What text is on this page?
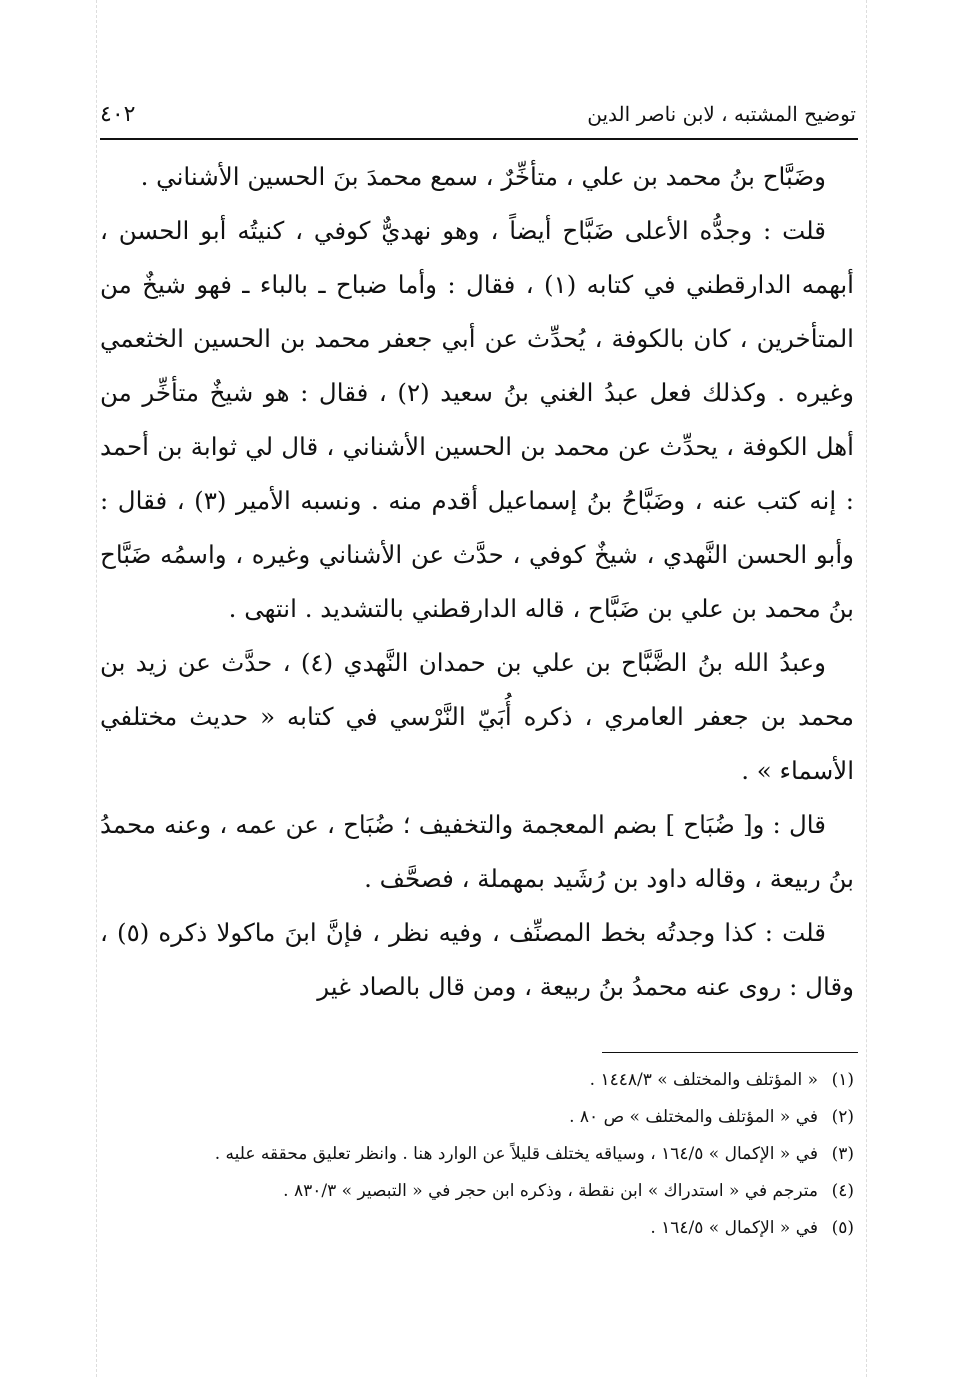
توضيح المشتبه ، لابن ناصر الدين
٤٠٢

وضَبَّاح بنُ محمد بن علي ، متأخِّرٌ ، سمع محمدَ بنَ الحسين الأشناني .

قلت : وجدُّه الأعلى ضَبَّاح أيضاً ، وهو نهديٌّ كوفي ، كنيتُه أبو الحسن ، أبهمه الدارقطني في كتابه (١) ، فقال : وأما ضباح ـ بالباء ـ فهو شيخٌ من المتأخرين ، كان بالكوفة ، يُحدِّث عن أبي جعفر محمد بن الحسين الخثعمي وغيره . وكذلك فعل عبدُ الغني بنُ سعيد (٢) ، فقال : هو شيخٌ متأخِّر من أهل الكوفة ، يحدِّث عن محمد بن الحسين الأشناني ، قال لي ثوابة بن أحمد : إنه كتب عنه ، وضَبَّاحُ بنُ إسماعيل أقدم منه . ونسبه الأمير (٣) ، فقال : وأبو الحسن النَّهدي ، شيخٌ كوفي ، حدَّث عن الأشناني وغيره ، واسمُه ضَبَّاح بنُ محمد بن علي بن ضَبَّاح ، قاله الدارقطني بالتشديد . انتهى .

وعبدُ الله بنُ الضَّبَّاح بن علي بن حمدان النَّهدي (٤) ، حدَّث عن زيد بن محمد بن جعفر العامري ، ذكره أُبَيّ النَّرْسي في كتابه « حديث مختلفي الأسماء » .

قال : و[ ضُبَاح ] بضم المعجمة والتخفيف ؛ ضُبَاح ، عن عمه ، وعنه محمدُ بنُ ربيعة ، وقاله داود بن رُشَيد بمهملة ، فصحَّف .

قلت : كذا وجدتُه بخط المصنِّف ، وفيه نظر ، فإنَّ ابنَ ماكولا ذكره (٥) ، وقال : روى عنه محمدُ بنُ ربيعة ، ومن قال بالصاد غير

(١)
« المؤتلف والمختلف » ١٤٤٨/٣ .

(٢)
في « المؤتلف والمختلف » ص ٨٠ .

(٣)
في « الإكمال » ١٦٤/٥ ، وسياقه يختلف قليلاً عن الوارد هنا . وانظر تعليق محققه عليه .

(٤)
مترجم في « استدراك » ابن نقطة ، وذكره ابن حجر في « التبصير » ٨٣٠/٣ .

(٥)
في « الإكمال » ١٦٤/٥ .
